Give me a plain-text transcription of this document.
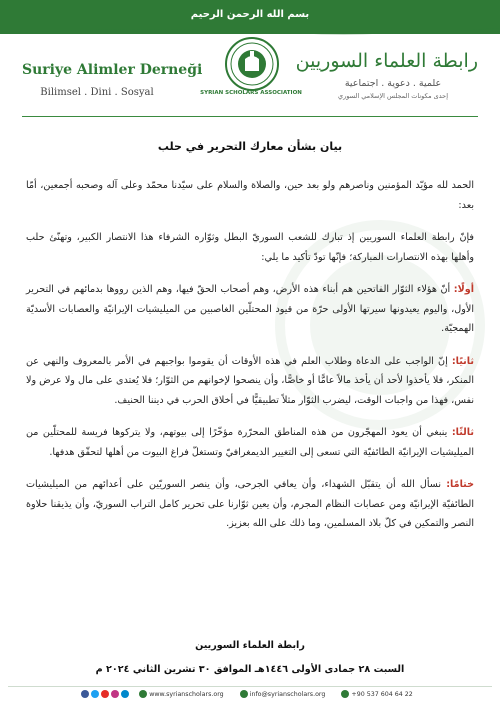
بسم الله الرحمن الرحيم
Suriye Alimler Derneği
Bilimsel . Dini . Sosyal	SYRIAN SCHOLARS ASSOCIATION
رابطة العلماء السوريين
علمية . دعوية . اجتماعية
إحدى مكونات المجلس الإسلامي السوري
بيان بشأن معارك التحرير في حلب

الحمد لله مؤيّد المؤمنين وناصرهم ولو بعد حين، والصلاة والسلام على سيّدنا محمّد وعلى آله وصحبه أجمعين، أمّا بعد:

فإنّ رابطة العلماء السوريين إذ تبارك للشعب السوريّ البطل وثوّاره الشرفاء هذا الانتصار الكبير، وتهنّئ حلب وأهلها بهذه الانتصارات المباركة؛ فإنّها تودّ تأكيد ما يلي:

أولًا: أنّ هؤلاء الثوّار الفاتحين هم أبناء هذه الأرض، وهم أصحاب الحقّ فيها، وهم الذين رووها بدمائهم في التحرير الأول، واليوم يعيدونها سيرتها الأولى حرّة من قيود المحتلّين الغاصبين من الميليشيات الإيرانيّة والعصابات الأسديّة الهمجيّة.

ثانيًا: إنّ الواجب على الدعاة وطلاب العلم في هذه الأوقات أن يقوموا بواجبهم في الأمر بالمعروف والنهي عن المنكر، فلا يأخذوا لأحد أن يأخذ مالاً عامًّا أو خاصًّا، وأن ينصحوا لإخوانهم من الثوّار؛ فلا يُعتدى على مال ولا عرض ولا نفس، فهذا من واجبات الوقت، ليضرب الثوّار مثلاً تطبيقيًّا في أخلاق الحرب في ديننا الحنيف.

ثالثًا: ينبغي أن يعود المهجّرون من هذه المناطق المحرّرة مؤخّرًا إلى بيوتهم، ولا يتركوها فريسة للمحتلّين من الميليشيات الإيرانيّة الطائفيّة التي تسعى إلى التغيير الديمغرافيّ وتستغلّ فراغ البيوت من أهلها لتحقّق هدفها.

ختامًا: نسأل الله أن يتقبّل الشهداء، وأن يعافي الجرحى، وأن ينصر السوريّين على أعدائهم من الميليشيات الطائفيّة الإيرانيّة ومن عصابات النظام المجرم، وأن يعين ثوّارنا على تحرير كامل التراب السوريّ، وأن يذيقنا حلاوة النصر والتمكين في كلّ بلاد المسلمين، وما ذلك على الله بعزيز.

رابطة العلماء السوريين
السبت ٢٨ جمادى الأولى ١٤٤٦هـ الموافق ٣٠ تشرين الثاني ٢٠٢٤ م
www.syrianscholars.org	info@syrianscholars.org	+90 537 604 64 22
